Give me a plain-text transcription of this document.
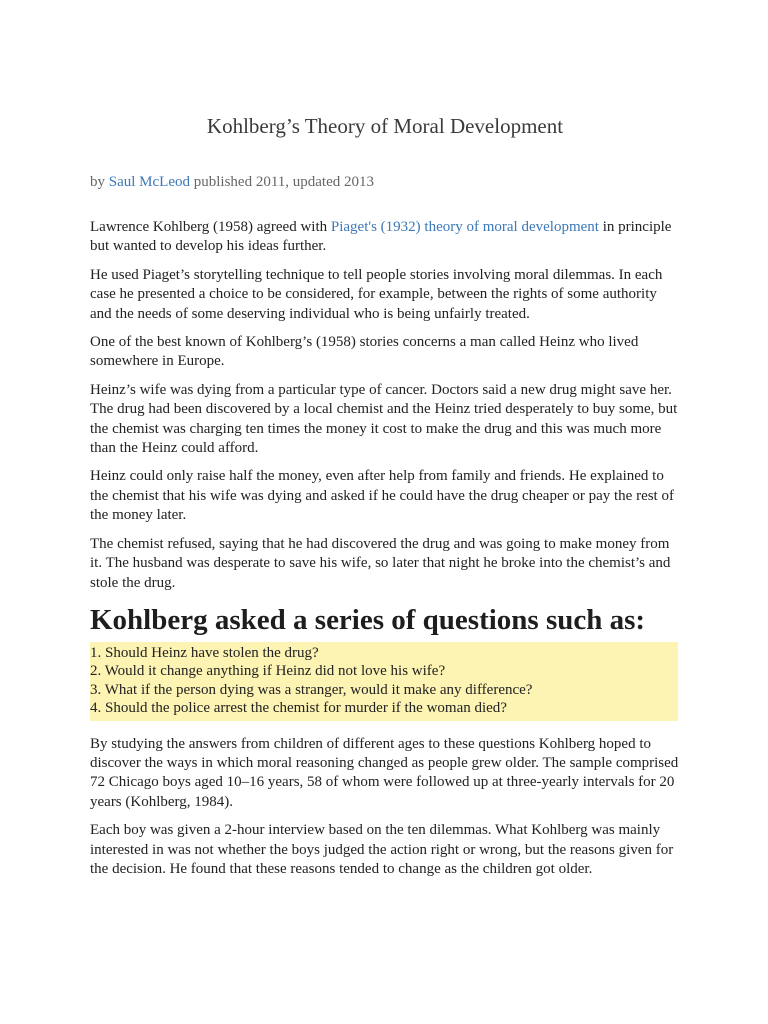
Kohlberg’s Theory of Moral Development
by Saul McLeod published 2011, updated 2013

Lawrence Kohlberg (1958) agreed with Piaget's (1932) theory of moral development in principle but wanted to develop his ideas further.

He used Piaget’s storytelling technique to tell people stories involving moral dilemmas. In each case he presented a choice to be considered, for example, between the rights of some authority and the needs of some deserving individual who is being unfairly treated.

One of the best known of Kohlberg’s (1958) stories concerns a man called Heinz who lived somewhere in Europe.

Heinz’s wife was dying from a particular type of cancer. Doctors said a new drug might save her. The drug had been discovered by a local chemist and the Heinz tried desperately to buy some, but the chemist was charging ten times the money it cost to make the drug and this was much more than the Heinz could afford.

Heinz could only raise half the money, even after help from family and friends. He explained to the chemist that his wife was dying and asked if he could have the drug cheaper or pay the rest of the money later.

The chemist refused, saying that he had discovered the drug and was going to make money from it. The husband was desperate to save his wife, so later that night he broke into the chemist’s and stole the drug.

Kohlberg asked a series of questions such as:
1. Should Heinz have stolen the drug?
2. Would it change anything if Heinz did not love his wife?
3. What if the person dying was a stranger, would it make any difference?
4. Should the police arrest the chemist for murder if the woman died?

By studying the answers from children of different ages to these questions Kohlberg hoped to discover the ways in which moral reasoning changed as people grew older. The sample comprised 72 Chicago boys aged 10–16 years, 58 of whom were followed up at three-yearly intervals for 20 years (Kohlberg, 1984).

Each boy was given a 2-hour interview based on the ten dilemmas. What Kohlberg was mainly interested in was not whether the boys judged the action right or wrong, but the reasons given for the decision. He found that these reasons tended to change as the children got older.
